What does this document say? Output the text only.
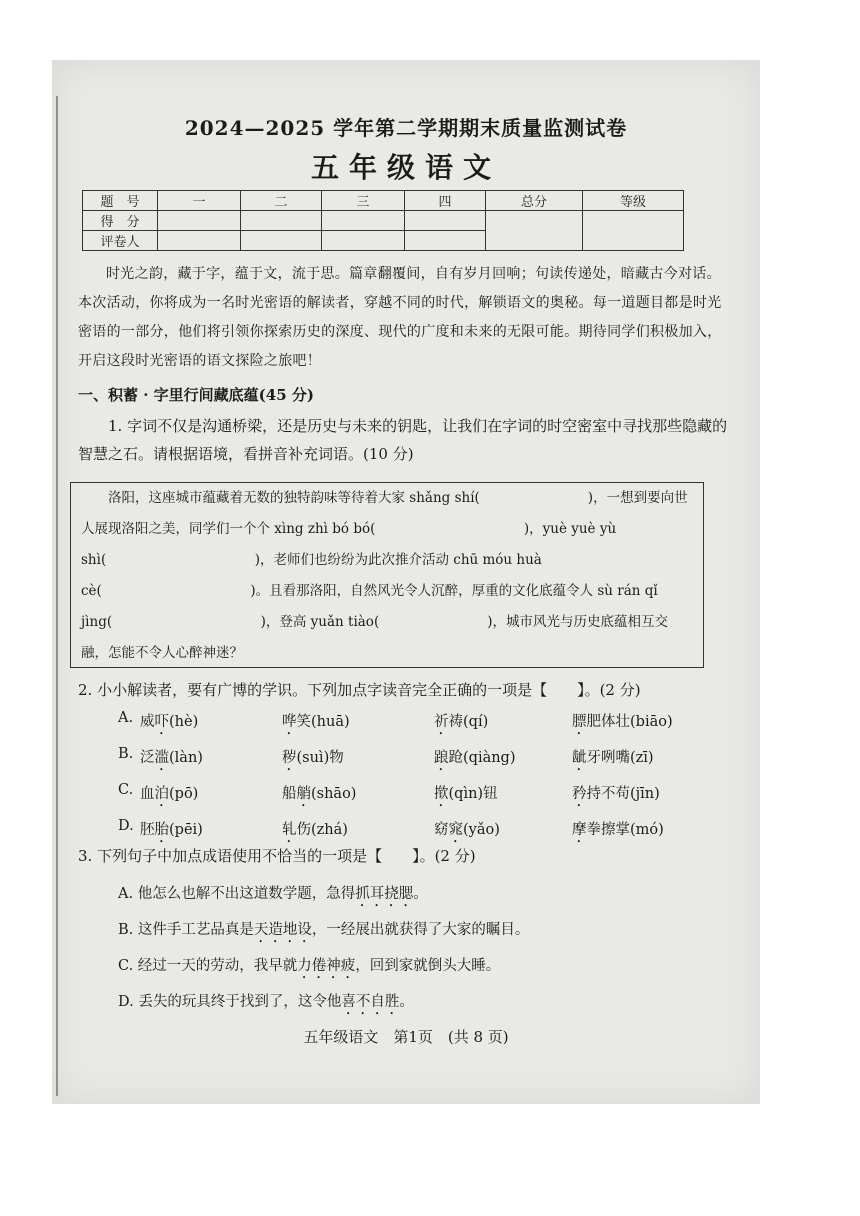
2024—2025 学年第二学期期末质量监测试卷
五年级语文
题　号	一	二	三	四	总分	等级
得　分						
评卷人						
时光之韵，藏于字，蕴于文，流于思。篇章翻覆间，自有岁月回响；句读传递处，暗藏古今对话。本次活动，你将成为一名时光密语的解读者，穿越不同的时代，解锁语文的奥秘。每一道题目都是时光密语的一部分，他们将引领你探索历史的深度、现代的广度和未来的无限可能。期待同学们积极加入，开启这段时光密语的语文探险之旅吧！
一、积蓄 · 字里行间藏底蕴(45 分)
1. 字词不仅是沟通桥梁，还是历史与未来的钥匙，让我们在字词的时空密室中寻找那些隐藏的智慧之石。请根据语境，看拼音补充词语。(10 分)

洛阳，这座城市蕴藏着无数的独特韵味等待着大家 shǎng shí(　　　　　　　　)，一想到要向世人展现洛阳之美，同学们一个个 xìng zhì bó bó(　　　　　　　　　　　)，yuè yuè yù shì(　　　　　　　　　　　)，老师们也纷纷为此次推介活动 chū móu huà cè(　　　　　　　　　　　)。且看那洛阳，自然风光令人沉醉，厚重的文化底蕴令人 sù rán qǐ jìng(　　　　　　　　　　　)，登高 yuǎn tiào(　　　　　　　　)，城市风光与历史底蕴相互交融，怎能不令人心醉神迷？

2. 小小解读者，要有广博的学识。下列加点字读音完全正确的一项是【　　】。(2 分)
A. 威吓(hè)	哗笑(huā)	祈祷(qí)	膘肥体壮(biāo)
B. 泛滥(làn)	秽(suì)物	踉跄(qiàng)	龇牙咧嘴(zī)
C. 血泊(pō)	船艄(shāo)	揿(qìn)钮	矜持不苟(jīn)
D. 胚胎(pēi)	轧伤(zhá)	窈窕(yǎo)	摩拳擦掌(mó)
3. 下列句子中加点成语使用不恰当的一项是【　　】。(2 分)
A. 他怎么也解不出这道数学题，急得抓耳挠腮。
B. 这件手工艺品真是天造地设，一经展出就获得了大家的瞩目。
C. 经过一天的劳动，我早就力倦神疲，回到家就倒头大睡。
D. 丢失的玩具终于找到了，这令他喜不自胜。
五年级语文　第1页　(共 8 页)
